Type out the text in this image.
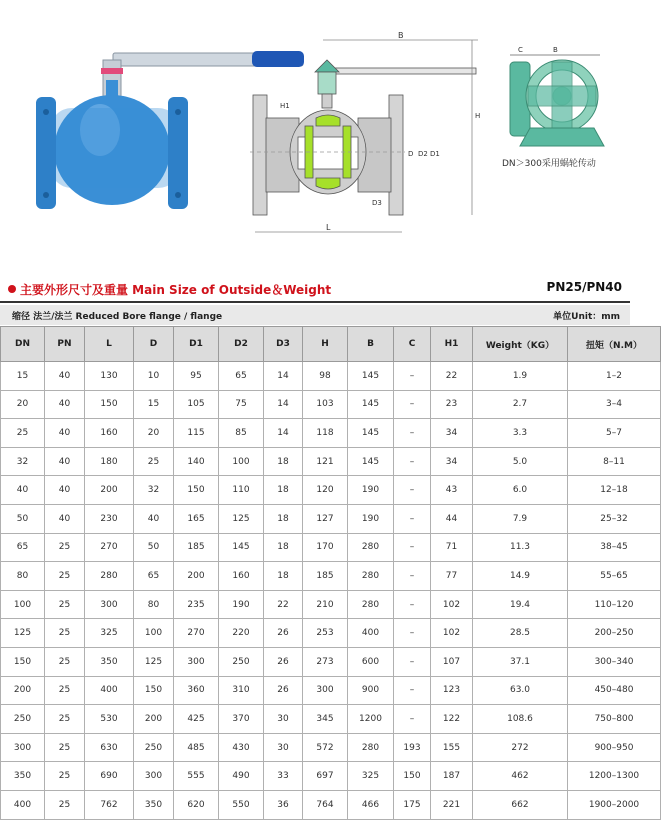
B
L
H1
H
D D2 D1
D3
C	B
DN＞300采用蜗轮传动
主要外形尺寸及重量 Main Size of Outside＆Weight	PN25/PN40
缩径 法兰/法兰 Reduced Bore flange / flange	单位Unit：mm
DN	PN	L	D	D1	D2	D3	H	B	C	H1	Weight（KG）	扭矩（N.M）
15	40	130	10	95	65	14	98	145	–	22	1.9	1–2
20	40	150	15	105	75	14	103	145	–	23	2.7	3–4
25	40	160	20	115	85	14	118	145	–	34	3.3	5–7
32	40	180	25	140	100	18	121	145	–	34	5.0	8–11
40	40	200	32	150	110	18	120	190	–	43	6.0	12–18
50	40	230	40	165	125	18	127	190	–	44	7.9	25–32
65	25	270	50	185	145	18	170	280	–	71	11.3	38–45
80	25	280	65	200	160	18	185	280	–	77	14.9	55–65
100	25	300	80	235	190	22	210	280	–	102	19.4	110–120
125	25	325	100	270	220	26	253	400	–	102	28.5	200–250
150	25	350	125	300	250	26	273	600	–	107	37.1	300–340
200	25	400	150	360	310	26	300	900	–	123	63.0	450–480
250	25	530	200	425	370	30	345	1200	–	122	108.6	750–800
300	25	630	250	485	430	30	572	280	193	155	272	900–950
350	25	690	300	555	490	33	697	325	150	187	462	1200–1300
400	25	762	350	620	550	36	764	466	175	221	662	1900–2000
